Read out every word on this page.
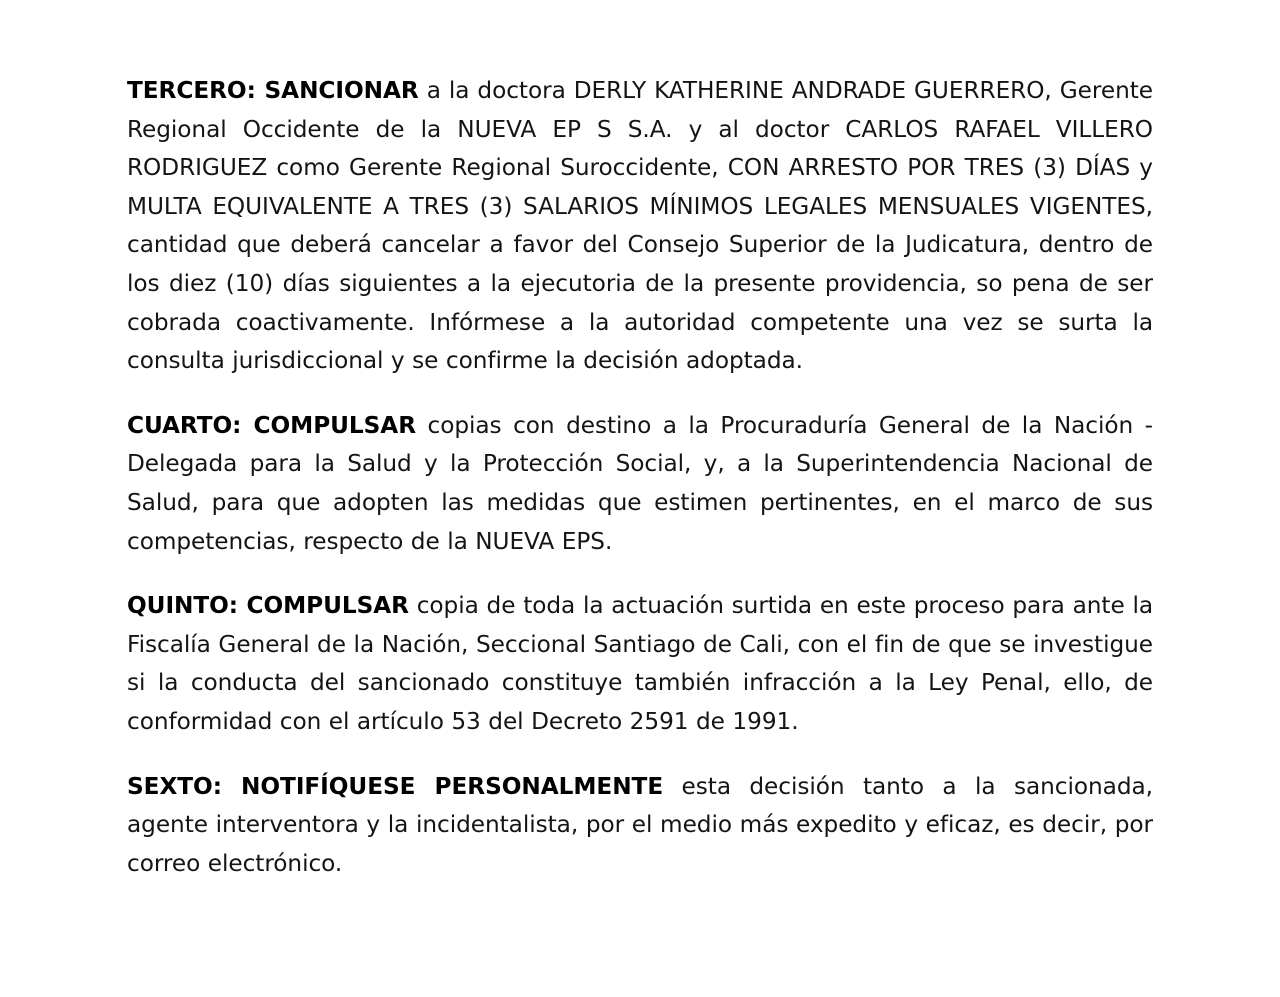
TERCERO: SANCIONAR a la doctora DERLY KATHERINE ANDRADE GUERRERO, Gerente Regional Occidente de la NUEVA EP S S.A. y al doctor CARLOS RAFAEL VILLERO RODRIGUEZ como Gerente Regional Suroccidente, CON ARRESTO POR TRES (3) DÍAS y MULTA EQUIVALENTE A TRES (3) SALARIOS MÍNIMOS LEGALES MENSUALES VIGENTES, cantidad que deberá cancelar a favor del Consejo Superior de la Judicatura, dentro de los diez (10) días siguientes a la ejecutoria de la presente providencia, so pena de ser cobrada coactivamente. Infórmese a la autoridad competente una vez se surta la consulta jurisdiccional y se confirme la decisión adoptada.

CUARTO: COMPULSAR copias con destino a la Procuraduría General de la Nación - Delegada para la Salud y la Protección Social, y, a la Superintendencia Nacional de Salud, para que adopten las medidas que estimen pertinentes, en el marco de sus competencias, respecto de la NUEVA EPS.

QUINTO: COMPULSAR copia de toda la actuación surtida en este proceso para ante la Fiscalía General de la Nación, Seccional Santiago de Cali, con el fin de que se investigue si la conducta del sancionado constituye también infracción a la Ley Penal, ello, de conformidad con el artículo 53 del Decreto 2591 de 1991.

SEXTO: NOTIFÍQUESE PERSONALMENTE esta decisión tanto a la sancionada, agente interventora y la incidentalista, por el medio más expedito y eficaz, es decir, por correo electrónico.
